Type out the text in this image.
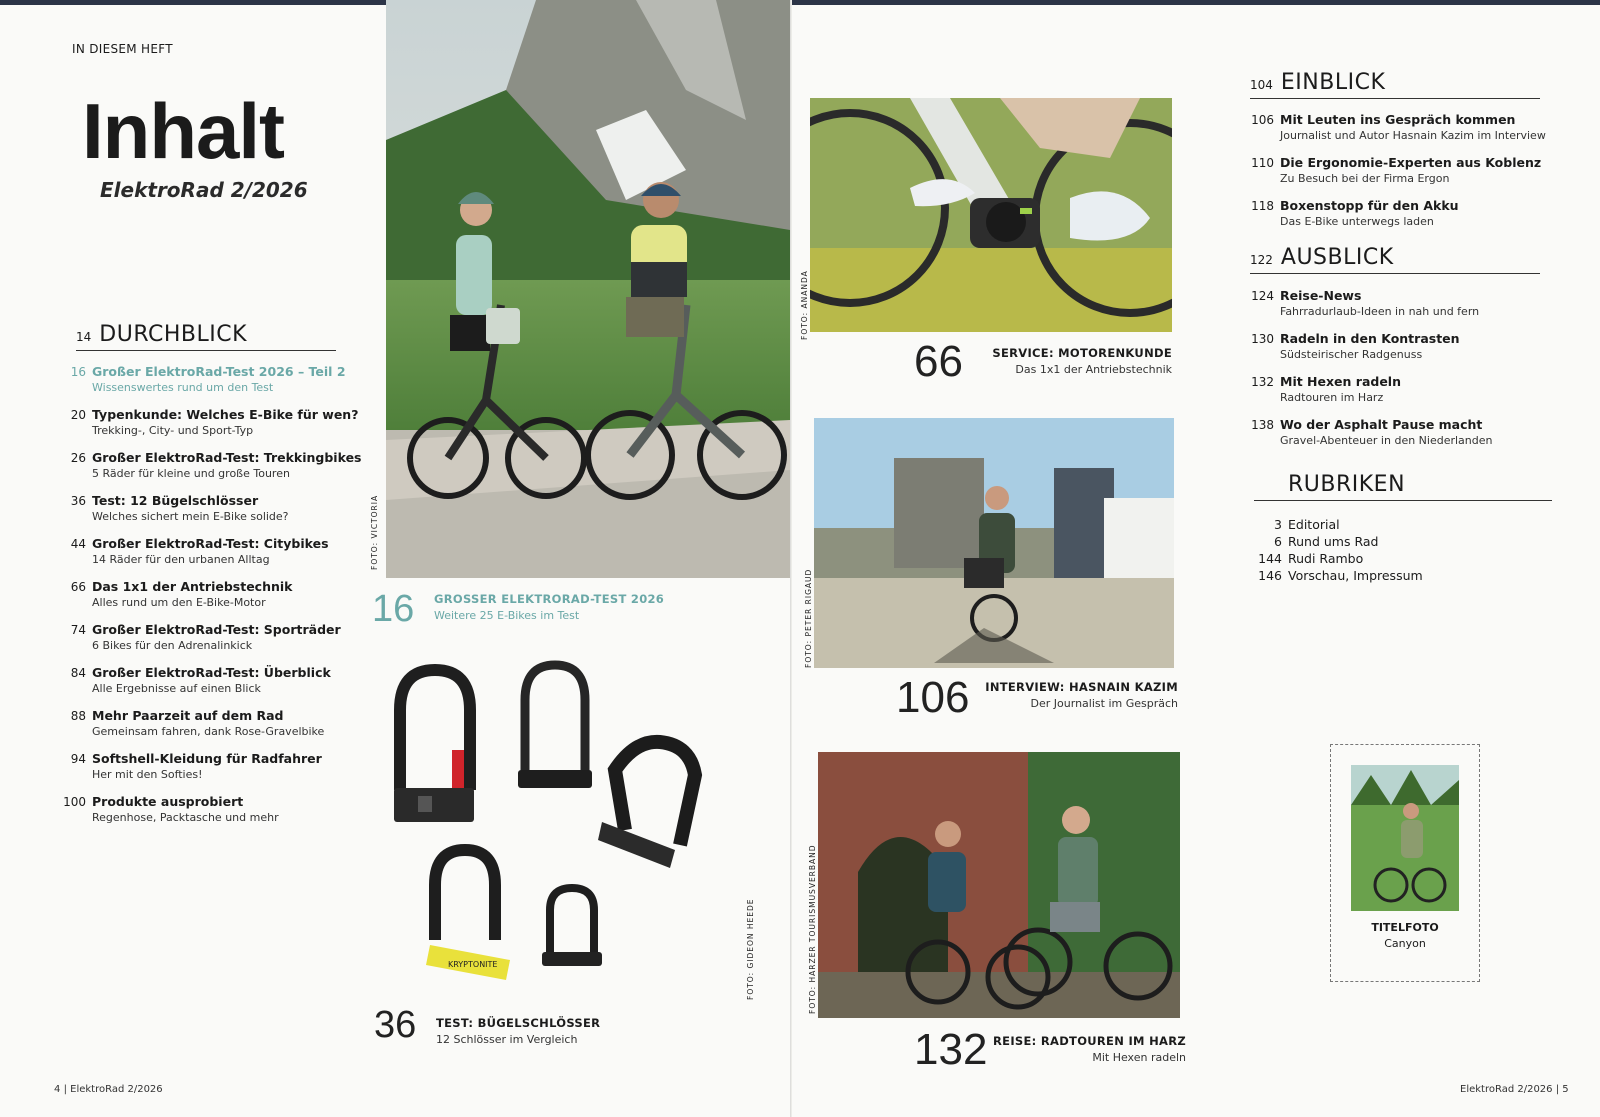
IN DIESEM HEFT
Inhalt
ElektroRad 2/2026
14 DURCHBLICK
16 Großer ElektroRad-Test 2026 – Teil 2
Wissenswertes rund um den Test
20 Typenkunde: Welches E-Bike für wen?
Trekking-, City- und Sport-Typ
26 Großer ElektroRad-Test: Trekkingbikes
5 Räder für kleine und große Touren
36 Test: 12 Bügelschlösser
Welches sichert mein E-Bike solide?
44 Großer ElektroRad-Test: Citybikes
14 Räder für den urbanen Alltag
66 Das 1x1 der Antriebstechnik
Alles rund um den E-Bike-Motor
74 Großer ElektroRad-Test: Sporträder
6 Bikes für den Adrenalinkick
84 Großer ElektroRad-Test: Überblick
Alle Ergebnisse auf einen Blick
88 Mehr Paarzeit auf dem Rad
Gemeinsam fahren, dank Rose-Gravelbike
94 Softshell-Kleidung für Radfahrer
Her mit den Softies!
100 Produkte ausprobiert
Regenhose, Packtasche und mehr
FOTO: VICTORIA
16 GROSSER ELEKTRORAD-TEST 2026
Weitere 25 E-Bikes im Test
KRYPTONITE	FOTO: GIDEON HEEDE
36 TEST: BÜGELSCHLÖSSER
12 Schlösser im Vergleich
4 | ElektroRad 2/2026
FOTO: ANANDA
66	SERVICE: MOTORENKUNDE
Das 1x1 der Antriebstechnik
FOTO: PETER RIGAUD
106	INTERVIEW: HASNAIN KAZIM
Der Journalist im Gespräch
FOTO: HARZER TOURISMUSVERBAND
132 REISE: RADTOUREN IM HARZ
Mit Hexen radeln
104 EINBLICK
106 Mit Leuten ins Gespräch kommen
Journalist und Autor Hasnain Kazim im Interview
110 Die Ergonomie-Experten aus Koblenz
Zu Besuch bei der Firma Ergon
118 Boxenstopp für den Akku
Das E-Bike unterwegs laden
122 AUSBLICK
124 Reise-News
Fahrradurlaub-Ideen in nah und fern
130 Radeln in den Kontrasten
Südsteirischer Radgenuss
132 Mit Hexen radeln
Radtouren im Harz
138 Wo der Asphalt Pause macht
Gravel-Abenteuer in den Niederlanden
RUBRIKEN
3 Editorial
6 Rund ums Rad
144 Rudi Rambo
146 Vorschau, Impressum
TITELFOTO
Canyon
ElektroRad 2/2026 | 5
